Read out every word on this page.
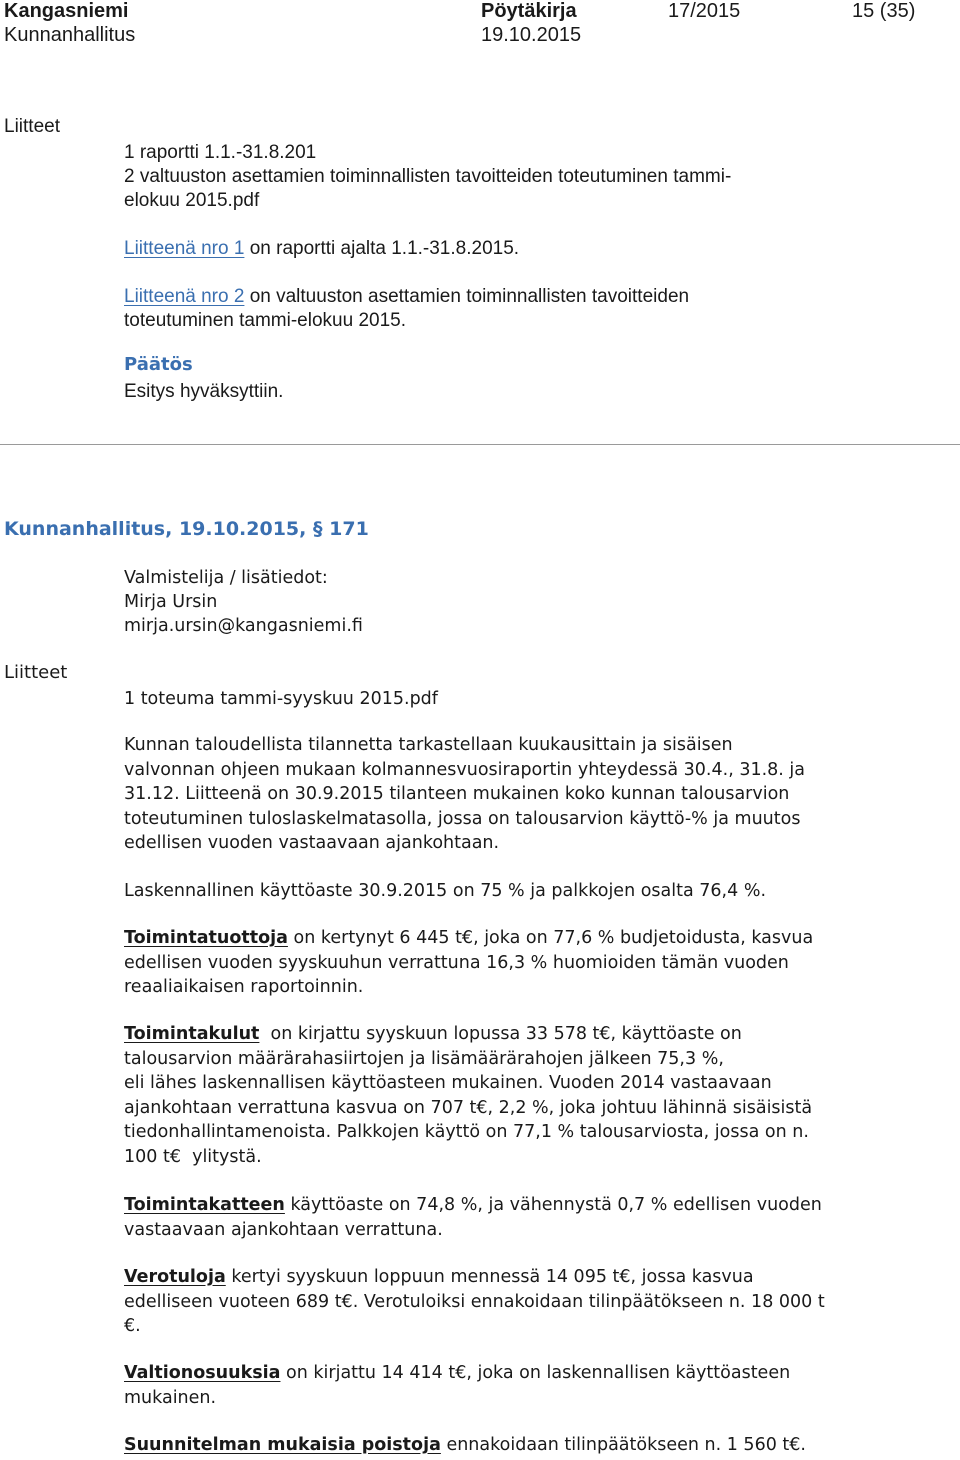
Kangasniemi
Kunnanhallitus
Pöytäkirja
19.10.2015
17/2015	15 (35)
Liitteet
1 raportti 1.1.-31.8.201
2 valtuuston asettamien toiminnallisten tavoitteiden toteutuminen tammi-
elokuu 2015.pdf
Liitteenä nro 1 on raportti ajalta 1.1.-31.8.2015.
Liitteenä nro 2 on valtuuston asettamien toiminnallisten tavoitteiden
toteutuminen tammi-elokuu 2015.
Päätös
Esitys hyväksyttiin.
Kunnanhallitus, 19.10.2015, § 171
Valmistelija / lisätiedot:
Mirja Ursin
mirja.ursin@kangasniemi.fi
Liitteet
1 toteuma tammi-syyskuu 2015.pdf

Kunnan taloudellista tilannetta tarkastellaan kuukausittain ja sisäisen

valvonnan ohjeen mukaan kolmannesvuosiraportin yhteydessä 30.4., 31.8. ja

31.12. Liitteenä on 30.9.2015 tilanteen mukainen koko kunnan talousarvion

toteutuminen tuloslaskelmatasolla, jossa on talousarvion käyttö-% ja muutos

edellisen vuoden vastaavaan ajankohtaan.

Laskennallinen käyttöaste 30.9.2015 on 75 % ja palkkojen osalta 76,4 %.

Toimintatuottoja on kertynyt 6 445 t€, joka on 77,6 % budjetoidusta, kasvua

edellisen vuoden syyskuuhun verrattuna 16,3 % huomioiden tämän vuoden

reaaliaikaisen raportoinnin.

Toimintakulut  on kirjattu syyskuun lopussa 33 578 t€, käyttöaste on

talousarvion määrärahasiirtojen ja lisämäärärahojen jälkeen 75,3 %,

eli lähes laskennallisen käyttöasteen mukainen. Vuoden 2014 vastaavaan

ajankohtaan verrattuna kasvua on 707 t€, 2,2 %, joka johtuu lähinnä sisäisistä

tiedonhallintamenoista. Palkkojen käyttö on 77,1 % talousarviosta, jossa on n.

100 t€  ylitystä.

Toimintakatteen käyttöaste on 74,8 %, ja vähennystä 0,7 % edellisen vuoden

vastaavaan ajankohtaan verrattuna.

Verotuloja kertyi syyskuun loppuun mennessä 14 095 t€, jossa kasvua

edelliseen vuoteen 689 t€. Verotuloiksi ennakoidaan tilinpäätökseen n. 18 000 t

€.

Valtionosuuksia on kirjattu 14 414 t€, joka on laskennallisen käyttöasteen

mukainen.

Suunnitelman mukaisia poistoja ennakoidaan tilinpäätökseen n. 1 560 t€.
